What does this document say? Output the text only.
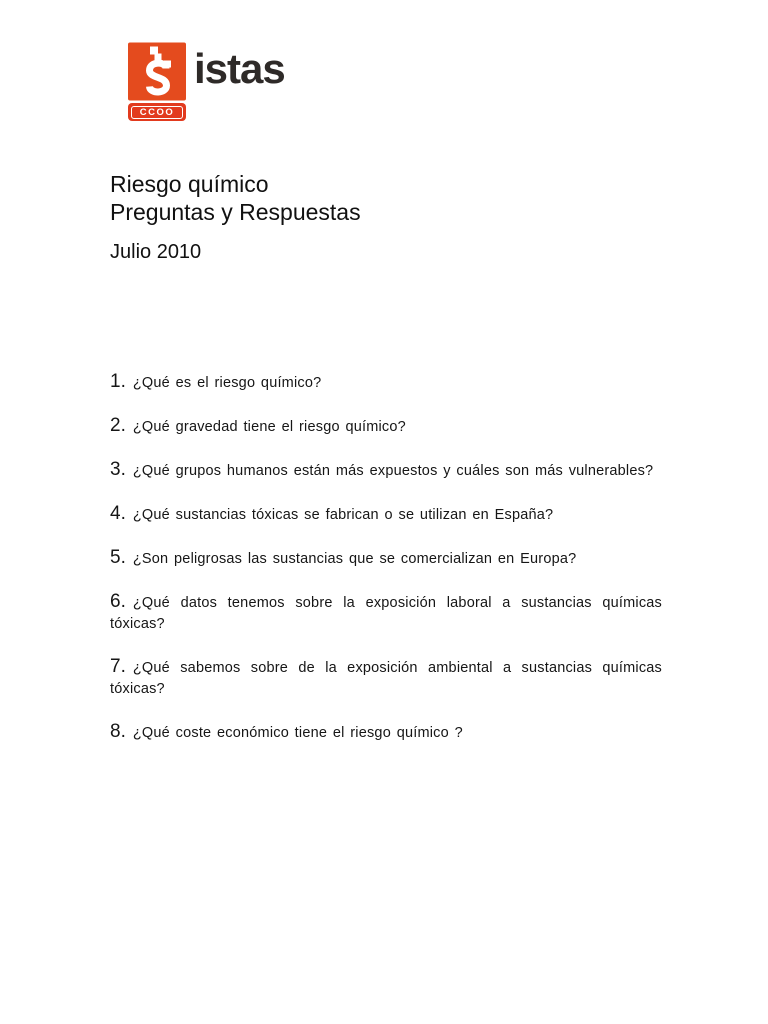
CCOO
istas
Riesgo químico
Preguntas y Respuestas
Julio 2010

1. ¿Qué es el riesgo químico?

2. ¿Qué gravedad tiene el riesgo químico?

3. ¿Qué grupos humanos están más expuestos y cuáles son más vulnerables?

4. ¿Qué sustancias tóxicas se fabrican o se utilizan en España?

5. ¿Son peligrosas las sustancias que se comercializan en Europa?

6. ¿Qué datos tenemos sobre la exposición laboral a sustancias químicas tóxicas?

7. ¿Qué sabemos sobre de la exposición ambiental a sustancias químicas tóxicas?

8. ¿Qué coste económico tiene el riesgo químico ?
